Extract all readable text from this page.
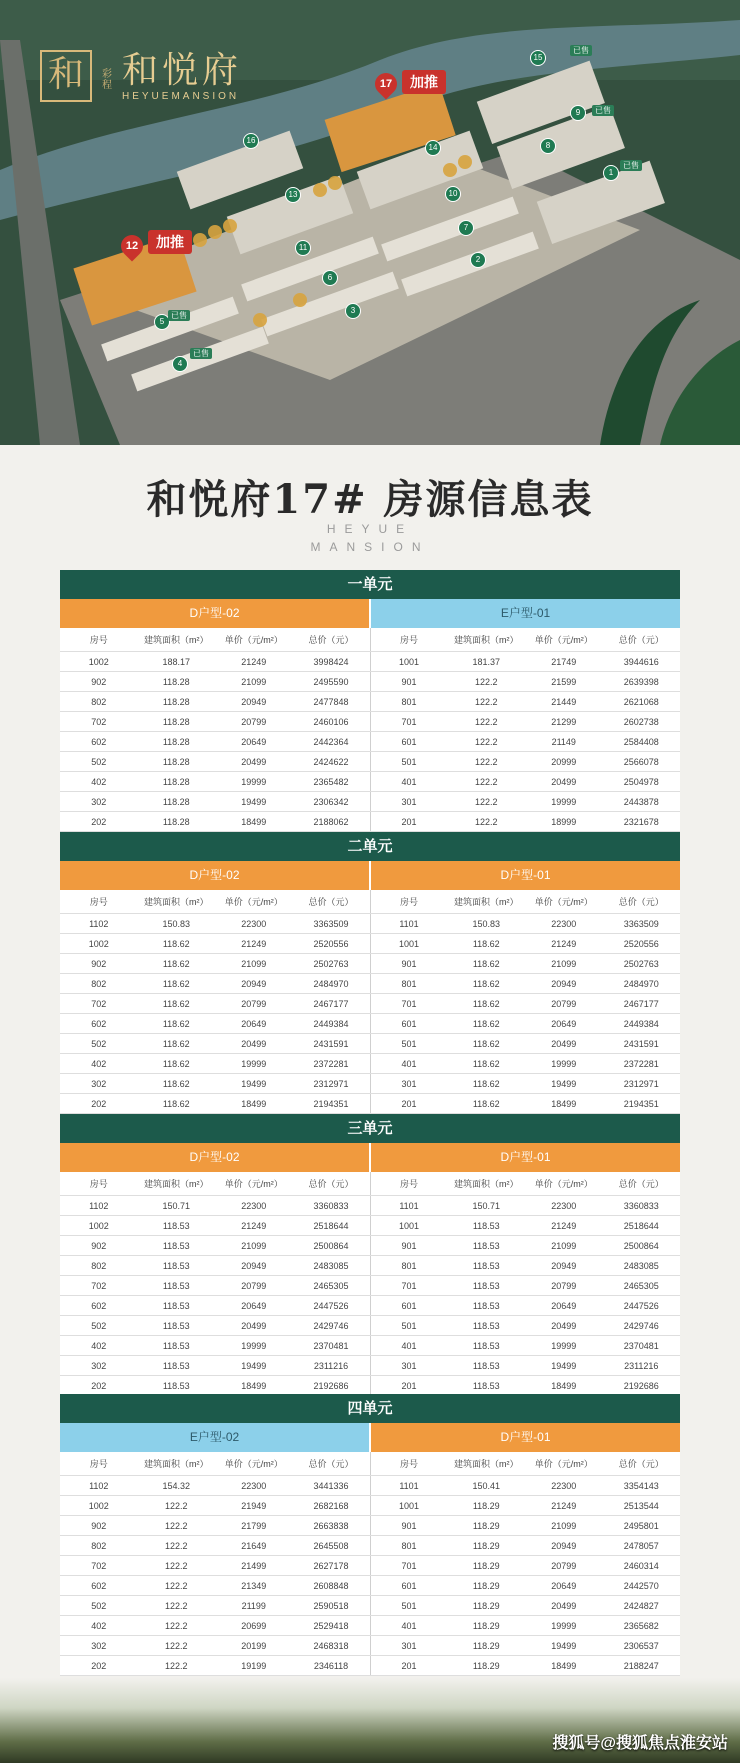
和	彩程 和悦府
HEYUEMANSION
17	加推
12	加推
1
2
3
4
5
6
7
8
9
10
11
13
14
15
16
已售
已售
已售
已售
已售
和悦府17# 房源信息表
HEYUE
MANSION
一单元
D户型-02	E户型-01
房号	建筑面积（m²）	单价（元/m²）	总价（元）	房号	建筑面积（m²）	单价（元/m²）	总价（元）
1002	188.17	21249	3998424	1001	181.37	21749	3944616
902	118.28	21099	2495590	901	122.2	21599	2639398
802	118.28	20949	2477848	801	122.2	21449	2621068
702	118.28	20799	2460106	701	122.2	21299	2602738
602	118.28	20649	2442364	601	122.2	21149	2584408
502	118.28	20499	2424622	501	122.2	20999	2566078
402	118.28	19999	2365482	401	122.2	20499	2504978
302	118.28	19499	2306342	301	122.2	19999	2443878
202	118.28	18499	2188062	201	122.2	18999	2321678
二单元
D户型-02	D户型-01
房号	建筑面积（m²）	单价（元/m²）	总价（元）	房号	建筑面积（m²）	单价（元/m²）	总价（元）
1102	150.83	22300	3363509	1101	150.83	22300	3363509
1002	118.62	21249	2520556	1001	118.62	21249	2520556
902	118.62	21099	2502763	901	118.62	21099	2502763
802	118.62	20949	2484970	801	118.62	20949	2484970
702	118.62	20799	2467177	701	118.62	20799	2467177
602	118.62	20649	2449384	601	118.62	20649	2449384
502	118.62	20499	2431591	501	118.62	20499	2431591
402	118.62	19999	2372281	401	118.62	19999	2372281
302	118.62	19499	2312971	301	118.62	19499	2312971
202	118.62	18499	2194351	201	118.62	18499	2194351
三单元
D户型-02	D户型-01
房号	建筑面积（m²）	单价（元/m²）	总价（元）	房号	建筑面积（m²）	单价（元/m²）	总价（元）
1102	150.71	22300	3360833	1101	150.71	22300	3360833
1002	118.53	21249	2518644	1001	118.53	21249	2518644
902	118.53	21099	2500864	901	118.53	21099	2500864
802	118.53	20949	2483085	801	118.53	20949	2483085
702	118.53	20799	2465305	701	118.53	20799	2465305
602	118.53	20649	2447526	601	118.53	20649	2447526
502	118.53	20499	2429746	501	118.53	20499	2429746
402	118.53	19999	2370481	401	118.53	19999	2370481
302	118.53	19499	2311216	301	118.53	19499	2311216
202	118.53	18499	2192686	201	118.53	18499	2192686
四单元
E户型-02	D户型-01
房号	建筑面积（m²）	单价（元/m²）	总价（元）	房号	建筑面积（m²）	单价（元/m²）	总价（元）
1102	154.32	22300	3441336	1101	150.41	22300	3354143
1002	122.2	21949	2682168	1001	118.29	21249	2513544
902	122.2	21799	2663838	901	118.29	21099	2495801
802	122.2	21649	2645508	801	118.29	20949	2478057
702	122.2	21499	2627178	701	118.29	20799	2460314
602	122.2	21349	2608848	601	118.29	20649	2442570
502	122.2	21199	2590518	501	118.29	20499	2424827
402	122.2	20699	2529418	401	118.29	19999	2365682
302	122.2	20199	2468318	301	118.29	19499	2306537
202	122.2	19199	2346118	201	118.29	18499	2188247
搜狐号@搜狐焦点淮安站
